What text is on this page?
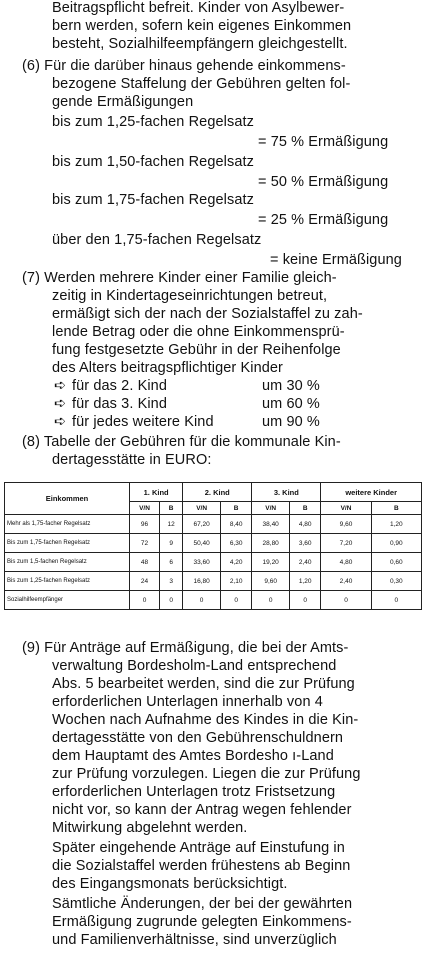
Beitragspflicht befreit. Kinder von Asylbewer-
bern werden, sofern kein eigenes Einkommen
besteht, Sozialhilfeempfängern gleichgestellt.
(6) Für die darüber hinaus gehende einkommens-
bezogene Staffelung der Gebühren gelten fol-
gende Ermäßigungen
bis zum 1,25-fachen Regelsatz
= 75 % Ermäßigung
bis zum 1,50-fachen Regelsatz
= 50 % Ermäßigung
bis zum 1,75-fachen Regelsatz
= 25 % Ermäßigung
über den 1,75-fachen Regelsatz
= keine Ermäßigung
(7) Werden mehrere Kinder einer Familie gleich-
zeitig in Kindertageseinrichtungen betreut,
ermäßigt sich der nach der Sozialstaffel zu zah-
lende Betrag oder die ohne Einkommensprü-
fung festgesetzte Gebühr in der Reihenfolge
des Alters beitragspflichtiger Kinder
➪ für das 2. Kind	um 30 %
➪ für das 3. Kind	um 60 %
➪ für jedes weitere Kind	um 90 %
(8) Tabelle der Gebühren für die kommunale Kin-
dertagesstätte in EURO:
Einkommen	1. Kind		2. Kind		3. Kind		weitere Kinder	
	V/N	B	V/N	B	V/N	B	V/N	B
Mehr als 1,75-facher Regelsatz	96	12	67,20	8,40	38,40	4,80	9,60	1,20
Bis zum 1,75-fachen Regelsatz	72	9	50,40	6,30	28,80	3,60	7,20	0,90
Bis zum 1,5-fachen Regelsatz	48	6	33,60	4,20	19,20	2,40	4,80	0,60
Bis zum 1,25-fachen Regelsatz	24	3	16,80	2,10	9,60	1,20	2,40	0,30
Sozialhilfeempfänger	0	0	0	0	0	0	0	0
(9) Für Anträge auf Ermäßigung, die bei der Amts-
verwaltung Bordesholm-Land entsprechend
Abs. 5 bearbeitet werden, sind die zur Prüfung
erforderlichen Unterlagen innerhalb von 4
Wochen nach Aufnahme des Kindes in die Kin-
dertagesstätte von den Gebührenschuldnern
dem Hauptamt des Amtes Bordesho ı-Land
zur Prüfung vorzulegen. Liegen die zur Prüfung
erforderlichen Unterlagen trotz Fristsetzung
nicht vor, so kann der Antrag wegen fehlender
Mitwirkung abgelehnt werden.
Später eingehende Anträge auf Einstufung in
die Sozialstaffel werden frühestens ab Beginn
des Eingangsmonats berücksichtigt.
Sämtliche Änderungen, der bei der gewährten
Ermäßigung zugrunde gelegten Einkommens-
und Familienverhältnisse, sind unverzüglich
